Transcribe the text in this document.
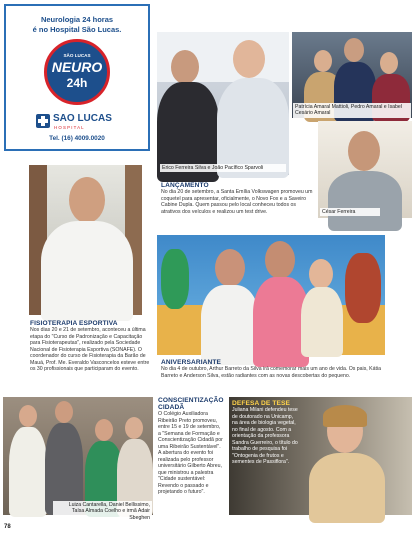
Neurologia 24 horas
é no Hospital São Lucas.
SÃO LUCAS
NEURO
24h
SAO LUCAS
H O S P I T A L
Tel. (16) 4009.0020
Erico Ferreira Silva e João Pacífico Sparvoli
Patrícia Amaral Mattioli, Pedro Amaral e Isabel Cesário Amaral
César Ferreira
LANÇAMENTO
No dia 20 de setembro, a Santa Emília Volkswagen promoveu um coquetel para apresentar, oficialmente, o Novo Fox e a Saveiro Cabine Dupla. Quem passou pelo local conheceu todos os atrativos dos veículos e realizou um test drive.
FISIOTERAPIA ESPORTIVA
Nos dias 20 e 21 de setembro, aconteceu a última etapa do "Curso de Padronização e Capacitação para Fisioterapeutas", realizado pela Sociedade Nacional de Fisioterapia Esportiva (SONAFE). O coordenador do curso de Fisioterapia da Barão de Mauá, Prof. Me. Everaldo Vasconcelos esteve entre os 30 profissionais que participaram do evento.
ANIVERSARIANTE
No dia 4 de outubro, Arthur Barreto da Silva irá comemorar mais um ano de vida. Os pais, Kátia Barreto e Anderson Silva, estão radiantes com as novas descobertas do pequeno.
Luiza Cantarella, Daniel Bellissimo, Taísa Almada Coelho e irmã Adair Sbeghen
CONSCIENTIZAÇÃO CIDADÃ
O Colégio Auxiliadora Ribeirão Preto promoveu, entre 15 e 19 de setembro, a "Semana de Formação e Conscientização Cidadã por uma Ribeirão Sustentável". A abertura do evento foi realizada pelo professor universitário Gilberto Abreu, que ministrou a palestra "Cidade sustentável: Revendo o passado e projetando o futuro".
DEFESA DE TESE
Juliana Milani defendeu tese de doutorado na Unicamp, na área de biologia vegetal, no final de agosto. Com a orientação da professora Sandra Guerreiro, o título do trabalho de pesquisa foi "Ontogenia de frutos e sementes de Passiflora".
78
